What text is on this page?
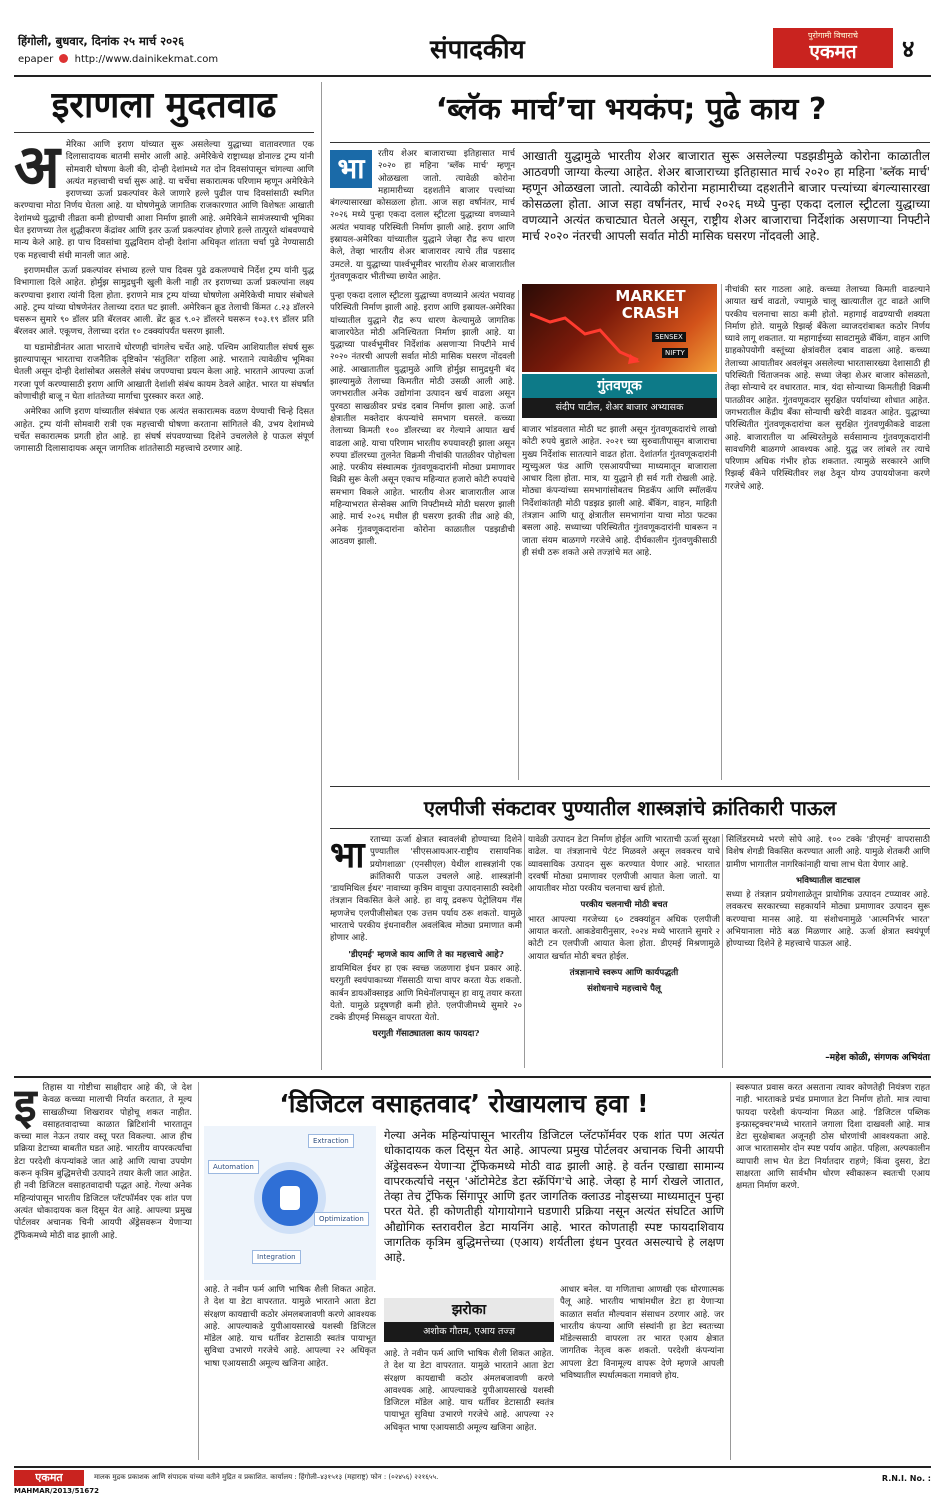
हिंगोली, बुधवार, दिनांक २५ मार्च २०२६
epaper http://www.dainikekmat.com	संपादकीय	पुरोगामी विचाराचे
एकमत	४
इराणला मुदतवाढ
अ मेरिका आणि इराण यांच्यात सुरू असलेल्या युद्धाच्या वातावरणात एक दिलासादायक बातमी समोर आली आहे. अमेरिकेचे राष्ट्राध्यक्ष डोनाल्ड ट्रम्प यांनी सोमवारी घोषणा केली की, दोन्ही देशांमध्ये गत दोन दिवसांपासून चांगल्या आणि अत्यंत महत्त्वाची चर्चा सुरू आहे. या चर्चेचा सकारात्मक परिणाम म्हणून अमेरिकेने इराणच्या ऊर्जा प्रकल्पांवर केले जाणारे हल्ले पुढील पाच दिवसांसाठी स्थगित करण्याचा मोठा निर्णय घेतला आहे. या घोषणेमुळे जागतिक राजकारणात आणि विशेषतः आखाती देशांमध्ये युद्धाची तीव्रता कमी होण्याची आशा निर्माण झाली आहे. अमेरिकेने सामंजस्याची भूमिका घेत इराणच्या तेल शुद्धीकरण केंद्रांवर आणि इतर ऊर्जा प्रकल्पांवर होणारे हल्ले तात्पुरते थांबवण्याचे मान्य केले आहे. हा पाच दिवसांचा युद्धविराम दोन्ही देशांना अधिकृत शांतता चर्चा पुढे नेण्यासाठी एक महत्त्वाची संधी मानली जात आहे.

इराणमधील ऊर्जा प्रकल्पांवर संभाव्य हल्ले पाच दिवस पुढे ढकलण्याचे निर्देश ट्रम्प यांनी युद्ध विभागाला दिले आहेत. होर्मुझ सामुद्रधुनी खुली केली नाही तर इराणच्या ऊर्जा प्रकल्पांना लक्ष्य करण्याचा इशारा त्यांनी दिला होता. इराणने मात्र ट्रम्प यांच्या घोषणेला अमेरिकेची माघार संबोधले आहे. ट्रम्प यांच्या घोषणेनंतर तेलाच्या दरात घट झाली. अमेरिकन क्रूड तेलाची किंमत ८.२३ डॉलरने घसरून सुमारे ९० डॉलर प्रति बॅरलवर आली. ब्रेंट क्रूड ९.०२ डॉलरने घसरून १०३.१९ डॉलर प्रति बॅरलवर आले. एकूणच, तेलाच्या दरांत १० टक्क्यांपर्यंत घसरण झाली.

या घडामोडीनंतर आता भारताचे धोरणही चांगलेच चर्चेत आहे. पश्चिम आशियातील संघर्ष सुरू झाल्यापासून भारताचा राजनैतिक दृष्टिकोन 'संतुलित' राहिला आहे. भारताने त्यावेळीच भूमिका घेतली असून दोन्ही देशांसोबत असलेले संबंध जपण्याचा प्रयत्न केला आहे. भारताने आपल्या ऊर्जा गरजा पूर्ण करण्यासाठी इराण आणि आखाती देशांशी संबंध कायम ठेवले आहेत. भारत या संघर्षात कोणाचीही बाजू न घेता शांततेच्या मार्गाचा पुरस्कार करत आहे.

अमेरिका आणि इराण यांच्यातील संबंधात एक अत्यंत सकारात्मक वळण येण्याची चिन्हे दिसत आहेत. ट्रम्प यांनी सोमवारी रात्री एक महत्त्वाची घोषणा करताना सांगितले की, उभय देशांमध्ये चर्चेत सकारात्मक प्रगती होत आहे. हा संघर्ष संपवण्याच्या दिशेने उचललेले हे पाऊल संपूर्ण जगासाठी दिलासादायक असून जागतिक शांततेसाठी महत्त्वाचे ठरणार आहे.

‘ब्लॅक मार्च’चा भयकंप; पुढे काय ?
भा	रतीय शेअर बाजाराच्या इतिहासात मार्च २०२० हा महिना 'ब्लॅक मार्च' म्हणून ओळखला जातो. त्यावेळी कोरोना महामारीच्या दहशतीने बाजार पत्त्यांच्या बंगल्यासारखा कोसळला होता. आज सहा वर्षांनंतर, मार्च २०२६ मध्ये पुन्हा एकदा दलाल स्ट्रीटला युद्धाच्या वणव्याने अत्यंत भयावह परिस्थिती निर्माण झाली आहे. इराण आणि इस्रायल-अमेरिका यांच्यातील युद्धाने जेव्हा रौद्र रूप धारण केले, तेव्हा भारतीय शेअर बाजारावर त्याचे तीव्र पडसाद उमटले. या युद्धाच्या पार्श्वभूमीवर भारतीय शेअर बाजारातील गुंतवणूकदार भीतीच्या छायेत आहेत.
आखाती युद्धामुळे भारतीय शेअर बाजारात सुरू असलेल्या पडझडीमुळे कोरोना काळातील आठवणी जाग्या केल्या आहेत. शेअर बाजाराच्या इतिहासात मार्च २०२० हा महिना 'ब्लॅक मार्च' म्हणून ओळखला जातो. त्यावेळी कोरोना महामारीच्या दहशतीने बाजार पत्त्यांच्या बंगल्यासारखा कोसळला होता. आज सहा वर्षांनंतर, मार्च २०२६ मध्ये पुन्हा एकदा दलाल स्ट्रीटला युद्धाच्या वणव्याने अत्यंत कचाट्यात घेतले असून, राष्ट्रीय शेअर बाजाराचा निर्देशांक असणाऱ्या निफ्टीने मार्च २०२० नंतरची आपली सर्वात मोठी मासिक घसरण नोंदवली आहे.

पुन्हा एकदा दलाल स्ट्रीटला युद्धाच्या वणव्याने अत्यंत भयावह परिस्थिती निर्माण झाली आहे. इराण आणि इस्रायल-अमेरिका यांच्यातील युद्धाने रौद्र रूप धारण केल्यामुळे जागतिक बाजारपेठेत मोठी अनिश्चितता निर्माण झाली आहे. या युद्धाच्या पार्श्वभूमीवर निर्देशांक असणाऱ्या निफ्टीने मार्च २०२० नंतरची आपली सर्वात मोठी मासिक घसरण नोंदवली आहे. आखातातील युद्धामुळे आणि होर्मुझ सामुद्रधुनी बंद झाल्यामुळे तेलाच्या किमतीत मोठी उसळी आली आहे. जगभरातील अनेक उद्योगांना उत्पादन खर्च वाढला असून पुरवठा साखळीवर प्रचंड दबाव निर्माण झाला आहे. ऊर्जा क्षेत्रातील मक्तेदार कंपन्यांचे समभाग घसरले. कच्च्या तेलाच्या किमती १०० डॉलरच्या वर गेल्याने आयात खर्च वाढला आहे. याचा परिणाम भारतीय रुपयावरही झाला असून रुपया डॉलरच्या तुलनेत विक्रमी नीचांकी पातळीवर पोहोचला आहे. परकीय संस्थात्मक गुंतवणूकदारांनी मोठ्या प्रमाणावर विक्री सुरू केली असून एकाच महिन्यात हजारो कोटी रुपयांचे समभाग विकले आहेत. भारतीय शेअर बाजारातील आज महिन्याभरात सेन्सेक्स आणि निफ्टीमध्ये मोठी घसरण झाली आहे. मार्च २०२६ मधील ही घसरण इतकी तीव्र आहे की, अनेक गुंतवणूकदारांना कोरोना काळातील पडझडीची आठवण झाली.

MARKET CRASH
SENSEX
NIFTY
गुंतवणूक
संदीप पाटील, शेअर बाजार अभ्यासक

बाजार भांडवलात मोठी घट झाली असून गुंतवणूकदारांचे लाखो कोटी रुपये बुडाले आहेत. २०२१ च्या सुरुवातीपासून बाजाराचा मुख्य निर्देशांक सातत्याने वाढत होता. देशांतर्गत गुंतवणूकदारांनी म्युच्युअल फंड आणि एसआयपीच्या माध्यमातून बाजाराला आधार दिला होता. मात्र, या युद्धाने ही सर्व गती रोखली आहे. मोठ्या कंपन्यांच्या समभागांसोबतच मिडकॅप आणि स्मॉलकॅप निर्देशांकांतही मोठी पडझड झाली आहे. बँकिंग, वाहन, माहिती तंत्रज्ञान आणि धातू क्षेत्रातील समभागांना याचा मोठा फटका बसला आहे. सध्याच्या परिस्थितीत गुंतवणूकदारांनी घाबरून न जाता संयम बाळगणे गरजेचे आहे. दीर्घकालीन गुंतवणुकीसाठी ही संधी ठरू शकते असे तज्ज्ञांचे मत आहे.

नीचांकी स्तर गाठला आहे. कच्च्या तेलाच्या किमती वाढल्याने आयात खर्च वाढतो, ज्यामुळे चालू खात्यातील तूट वाढते आणि परकीय चलनाचा साठा कमी होतो. महागाई वाढण्याची शक्यता निर्माण होते. यामुळे रिझर्व्ह बँकेला व्याजदरांबाबत कठोर निर्णय घ्यावे लागू शकतात. या महागाईच्या सावटामुळे बँकिंग, वाहन आणि ग्राहकोपयोगी वस्तूंच्या क्षेत्रांवरील दबाव वाढला आहे. कच्च्या तेलाच्या आयातीवर अवलंबून असलेल्या भारतासारख्या देशासाठी ही परिस्थिती चिंताजनक आहे. सध्या जेव्हा शेअर बाजार कोसळतो, तेव्हा सोन्याचे दर वधारतात. मात्र, यंदा सोन्याच्या किमतीही विक्रमी पातळीवर आहेत. गुंतवणूकदार सुरक्षित पर्यायांच्या शोधात आहेत. जगभरातील केंद्रीय बँका सोन्याची खरेदी वाढवत आहेत. युद्धाच्या परिस्थितीत गुंतवणूकदारांचा कल सुरक्षित गुंतवणुकीकडे वाढला आहे. बाजारातील या अस्थिरतेमुळे सर्वसामान्य गुंतवणूकदारांनी सावधगिरी बाळगणे आवश्यक आहे. युद्ध जर लांबले तर त्याचे परिणाम अधिक गंभीर होऊ शकतात. त्यामुळे सरकारने आणि रिझर्व्ह बँकेने परिस्थितीवर लक्ष ठेवून योग्य उपाययोजना करणे गरजेचे आहे.

एलपीजी संकटावर पुण्यातील शास्त्रज्ञांचे क्रांतिकारी पाऊल
भा रताच्या ऊर्जा क्षेत्रात स्वावलंबी होण्याच्या दिशेने पुण्यातील 'सीएसआयआर-राष्ट्रीय रासायनिक प्रयोगशाळा' (एनसीएल) येथील शास्त्रज्ञांनी एक क्रांतिकारी पाऊल उचलले आहे. शास्त्रज्ञांनी 'डायमिथिल ईथर' नावाच्या कृत्रिम वायूचा उत्पादनासाठी स्वदेशी तंत्रज्ञान विकसित केले आहे. हा वायू द्रवरूप पेट्रोलियम गॅस म्हणजेच एलपीजीसोबत एक उत्तम पर्याय ठरू शकतो. यामुळे भारताचे परकीय इंधनावरील अवलंबित्व मोठ्या प्रमाणात कमी होणार आहे.
'डीएमई' म्हणजे काय आणि ते का महत्त्वाचे आहे?
डायमिथिल ईथर हा एक स्वच्छ जळणारा इंधन प्रकार आहे. घरगुती स्वयंपाकाच्या गॅससाठी याचा वापर करता येऊ शकतो. कार्बन डायऑक्साइड आणि मिथेनॉलपासून हा वायू तयार करता येतो. यामुळे प्रदूषणही कमी होते. एलपीजीमध्ये सुमारे २० टक्के डीएमई मिसळून वापरता येतो.
घरगुती गॅसाठ्यातला काय फायदा?
यावेळी उत्पादन डेटा निर्माण होईल आणि भारताची ऊर्जा सुरक्षा वाढेल. या तंत्रज्ञानाचे पेटंट मिळवले असून लवकरच याचे व्यावसायिक उत्पादन सुरू करण्यात येणार आहे. भारतात दरवर्षी मोठ्या प्रमाणावर एलपीजी आयात केला जातो. या आयातीवर मोठा परकीय चलनाचा खर्च होतो.
परकीय चलनाची मोठी बचत
भारत आपल्या गरजेच्या ६० टक्क्यांहून अधिक एलपीजी आयात करतो. आकडेवारीनुसार, २०२४ मध्ये भारताने सुमारे २ कोटी टन एलपीजी आयात केला होता. डीएमई मिश्रणामुळे आयात खर्चात मोठी बचत होईल.
तंत्रज्ञानाचे स्वरूप आणि कार्यपद्धती
संशोधनाचे महत्त्वाचे पैलू
सिलिंडरमध्ये भरणे सोपे आहे. १०० टक्के 'डीएमई' वापरासाठी विशेष शेगडी विकसित करण्यात आली आहे. यामुळे शेतकरी आणि ग्रामीण भागातील नागरिकांनाही याचा लाभ घेता येणार आहे.
भविष्यातील वाटचाल
सध्या हे तंत्रज्ञान प्रयोगशाळेतून प्रायोगिक उत्पादन टप्प्यावर आहे. लवकरच सरकारच्या सहकार्याने मोठ्या प्रमाणावर उत्पादन सुरू करण्याचा मानस आहे. या संशोधनामुळे 'आत्मनिर्भर भारत' अभियानाला मोठे बळ मिळणार आहे. ऊर्जा क्षेत्रात स्वयंपूर्ण होण्याच्या दिशेने हे महत्त्वाचे पाऊल आहे.
–महेश कोळी, संगणक अभियंता
इ तिहास या गोष्टीचा साक्षीदार आहे की, जे देश केवळ कच्च्या मालाची निर्यात करतात, ते मूल्य साखळीच्या शिखरावर पोहोचू शकत नाहीत. वसाहतवादाच्या काळात ब्रिटिशांनी भारतातून कच्चा माल नेऊन तयार वस्तू परत विकल्या. आज हीच प्रक्रिया डेटाच्या बाबतीत घडत आहे. भारतीय वापरकर्त्यांचा डेटा परदेशी कंपन्यांकडे जात आहे आणि त्याचा उपयोग करून कृत्रिम बुद्धिमत्तेची उत्पादने तयार केली जात आहेत. ही नवी डिजिटल वसाहतवादाची पद्धत आहे. गेल्या अनेक महिन्यांपासून भारतीय डिजिटल प्लॅटफॉर्मवर एक शांत पण अत्यंत धोकादायक कल दिसून येत आहे. आपल्या प्रमुख पोर्टलवर अचानक चिनी आयपी ॲड्रेसवरून येणाऱ्या ट्रॅफिकमध्ये मोठी वाढ झाली आहे.
‘डिजिटल वसाहतवाद’ रोखायलाच हवा !
Automation
Extraction
Optimization
Integration
गेल्या अनेक महिन्यांपासून भारतीय डिजिटल प्लॅटफॉर्मवर एक शांत पण अत्यंत धोकादायक कल दिसून येत आहे. आपल्या प्रमुख पोर्टलवर अचानक चिनी आयपी ॲड्रेसवरून येणाऱ्या ट्रॅफिकमध्ये मोठी वाढ झाली आहे. हे वर्तन एखाद्या सामान्य वापरकर्त्याचे नसून 'ऑटोमेटेड डेटा स्क्रॅपिंग'चे आहे. जेव्हा हे मार्ग रोखले जातात, तेव्हा तेच ट्रॅफिक सिंगापूर आणि इतर जागतिक क्लाउड नोड्सच्या माध्यमातून पुन्हा परत येते. ही कोणतीही योगायोगाने घडणारी प्रक्रिया नसून अत्यंत संघटित आणि औद्योगिक स्तरावरील डेटा मायनिंग आहे. भारत कोणताही स्पष्ट फायदाशिवाय जागतिक कृत्रिम बुद्धिमत्तेच्या (एआय) शर्यतीला इंधन पुरवत असल्याचे हे लक्षण आहे.
आहे. ते नवीन फर्म आणि भाषिक शैली शिकत आहेत. ते देश या डेटा वापरतात. यामुळे भारताने आता डेटा संरक्षण कायद्याची कठोर अंमलबजावणी करणे आवश्यक आहे. आपल्याकडे युपीआयसारखे यशस्वी डिजिटल मॉडेल आहे. याच धर्तीवर डेटासाठी स्वतंत्र पायाभूत सुविधा उभारणे गरजेचे आहे. आपल्या २२ अधिकृत भाषा एआयसाठी अमूल्य खजिना आहेत.
झरोका
अशोक गौतम, एआय तज्ज्ञ
आहे. ते नवीन फर्म आणि भाषिक शैली शिकत आहेत. ते देश या डेटा वापरतात. यामुळे भारताने आता डेटा संरक्षण कायद्याची कठोर अंमलबजावणी करणे आवश्यक आहे. आपल्याकडे युपीआयसारखे यशस्वी डिजिटल मॉडेल आहे. याच धर्तीवर डेटासाठी स्वतंत्र पायाभूत सुविधा उभारणे गरजेचे आहे. आपल्या २२ अधिकृत भाषा एआयसाठी अमूल्य खजिना आहेत.
आधार बनेल. या गणिताचा आणखी एक धोरणात्मक पैलू आहे. भारतीय भाषांमधील डेटा हा येणाऱ्या काळात सर्वात मौल्यवान संसाधन ठरणार आहे. जर भारतीय कंपन्या आणि संस्थांनी हा डेटा स्वतःच्या मॉडेल्ससाठी वापरला तर भारत एआय क्षेत्रात जागतिक नेतृत्व करू शकतो. परदेशी कंपन्यांना आपला डेटा विनामूल्य वापरू देणे म्हणजे आपली भविष्यातील स्पर्धात्मकता गमावणे होय.
स्वरूपात प्रवास करत असताना त्यावर कोणतेही नियंत्रण राहत नाही. भारताकडे प्रचंड प्रमाणात डेटा निर्माण होतो. मात्र त्याचा फायदा परदेशी कंपन्यांना मिळत आहे. 'डिजिटल पब्लिक इन्फ्रास्ट्रक्चर'मध्ये भारताने जगाला दिशा दाखवली आहे. मात्र डेटा सुरक्षेबाबत अजूनही ठोस धोरणांची आवश्यकता आहे. आज भारतासमोर दोन स्पष्ट पर्याय आहेत. पहिला, अल्पकालीन व्यापारी लाभ घेत डेटा निर्यातदार राहणे; किंवा दुसरा, डेटा साक्षरता आणि सार्वभौम धोरण स्वीकारून स्वतःची एआय क्षमता निर्माण करणे.
एकमत
MAHMAR/2013/51672
मालक मुद्रक प्रकाशक आणि संपादक यांच्या वतीने मुद्रित व प्रकाशित. कार्यालय : हिंगोली–४३१५१३ (महाराष्ट्र) फोन : (०२४५६) २२१६५५.	R.N.I. No. :
